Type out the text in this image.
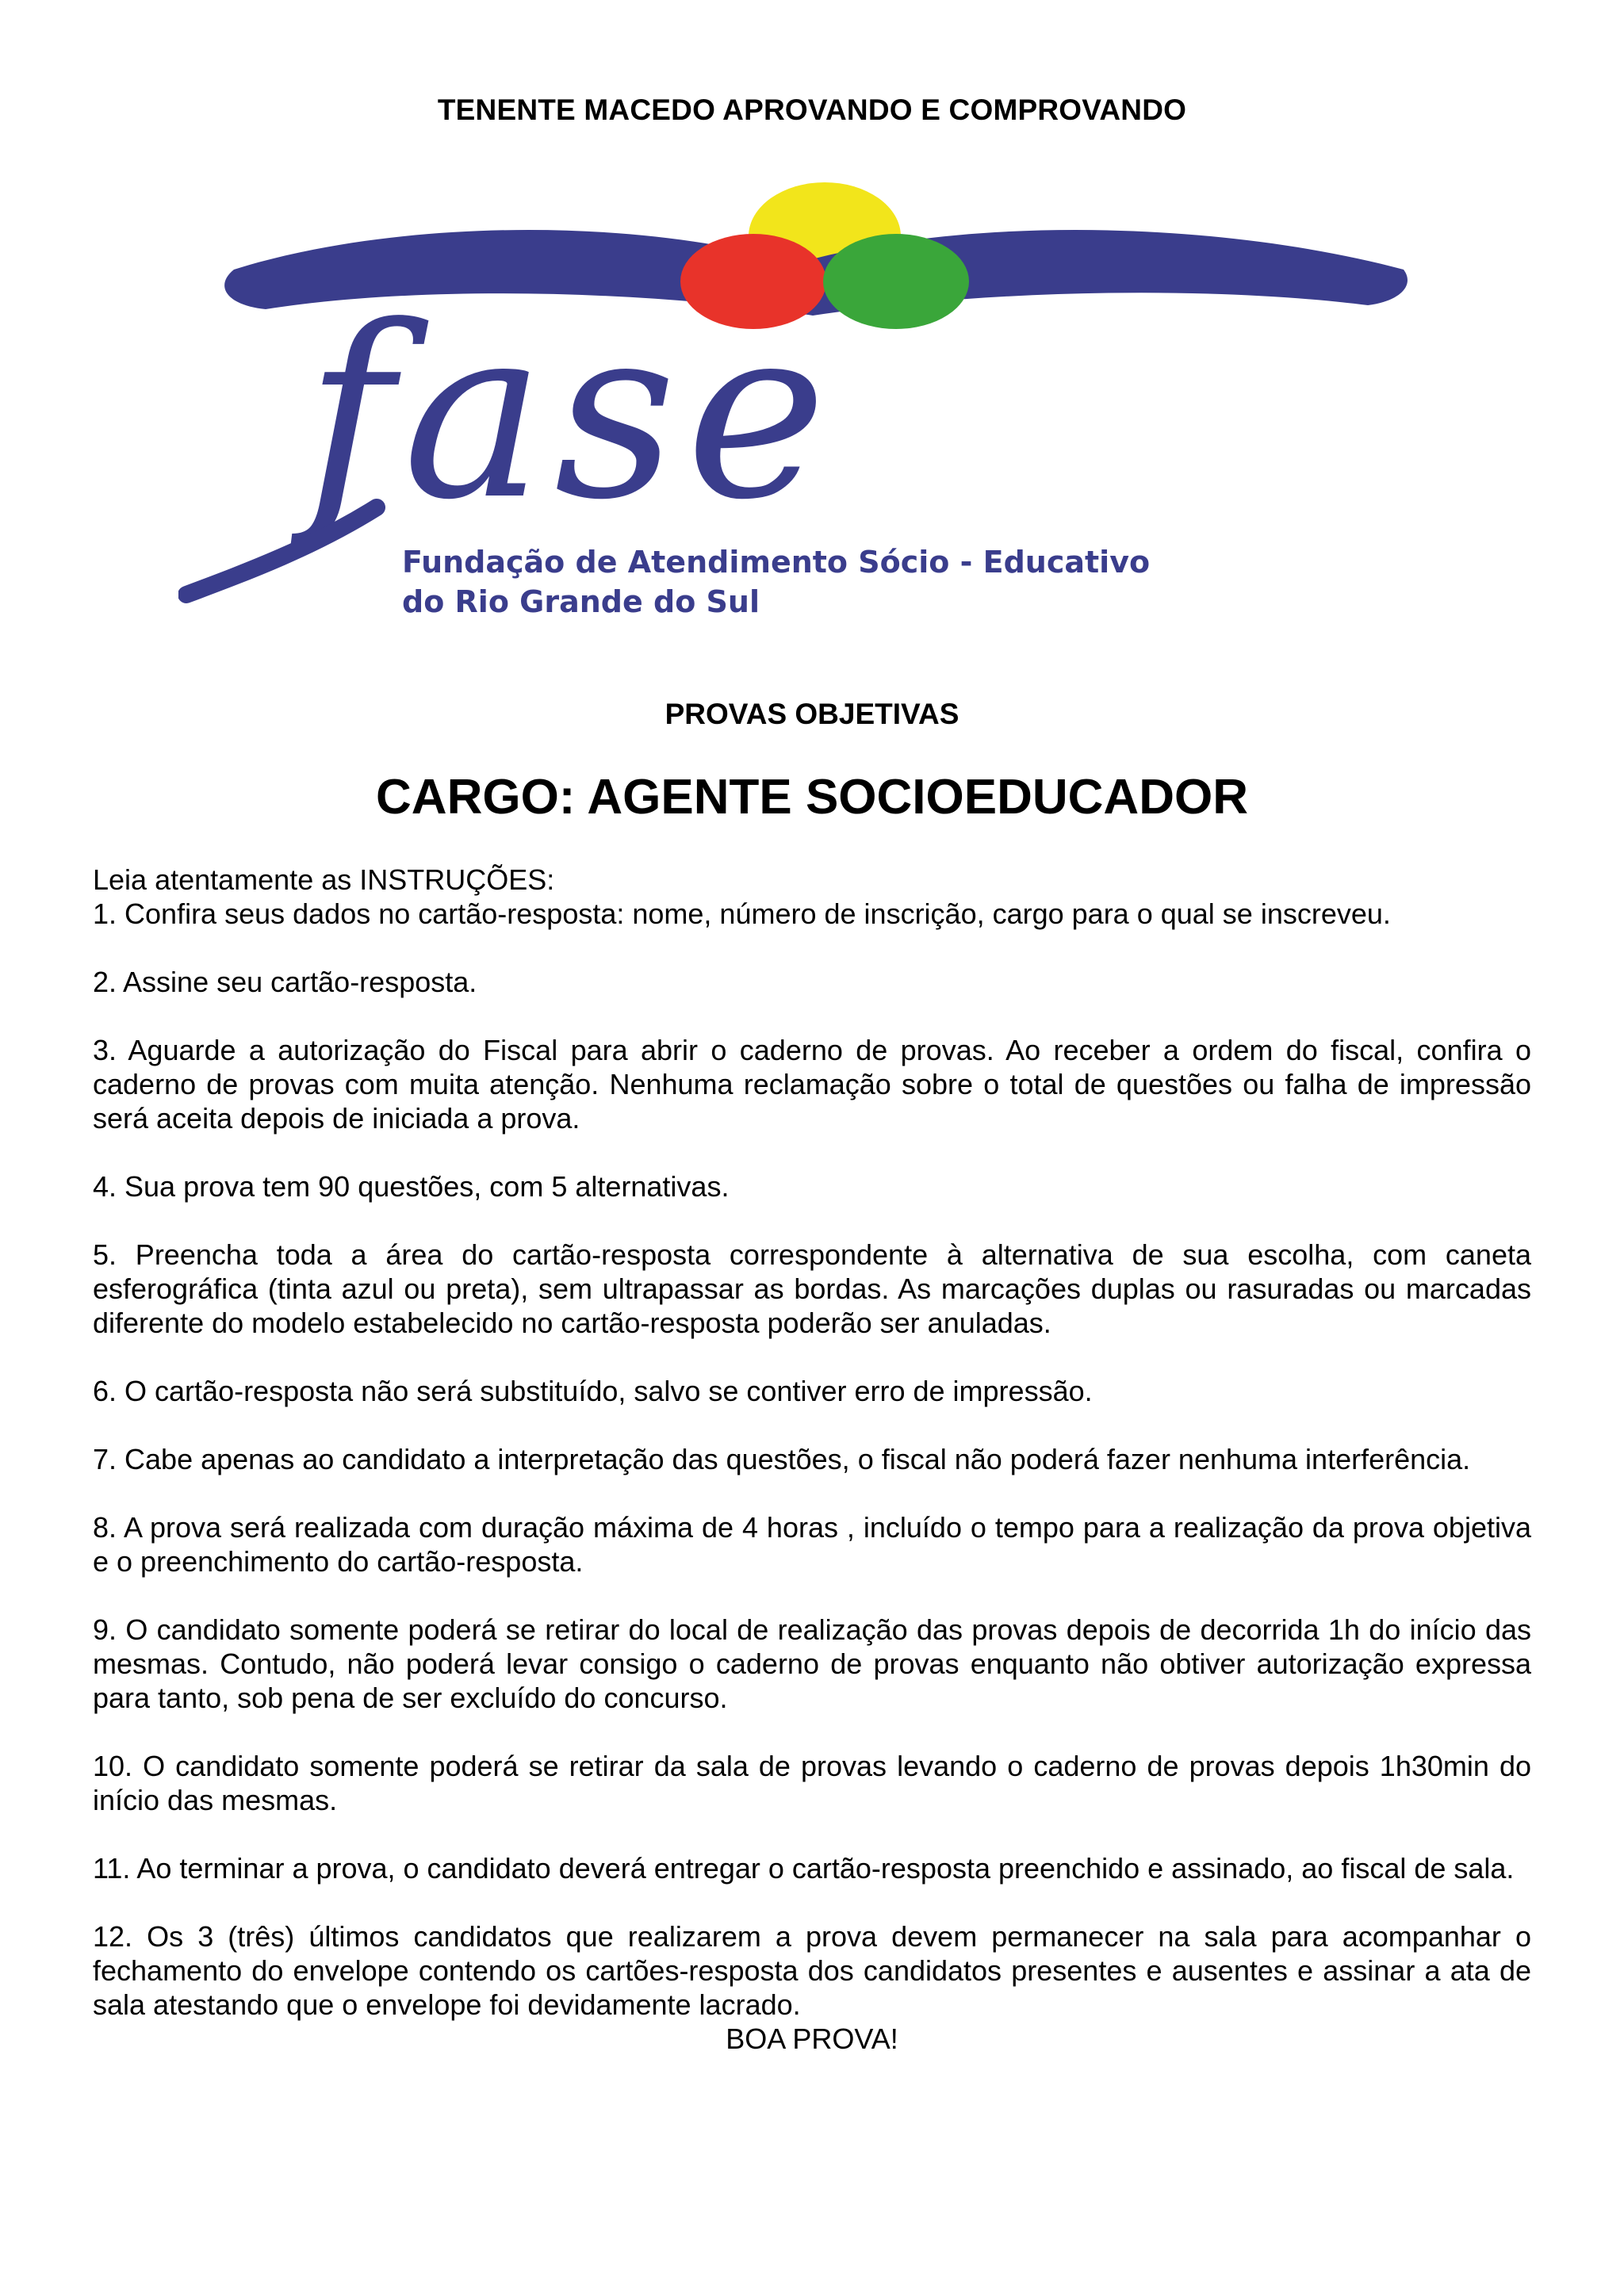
TENENTE MACEDO APROVANDO E COMPROVANDO
fase
Fundação de Atendimento Sócio - Educativo
do Rio Grande do Sul
PROVAS OBJETIVAS
CARGO: AGENTE SOCIOEDUCADOR

Leia atentamente as INSTRUÇÕES:

1. Confira seus dados no cartão-resposta: nome, número de inscrição, cargo para o qual se inscreveu.

2. Assine seu cartão-resposta.

3. Aguarde a autorização do Fiscal para abrir o caderno de provas. Ao receber a ordem do fiscal, confira o caderno de provas com muita atenção. Nenhuma reclamação sobre o total de questões ou falha de impressão será aceita depois de iniciada a prova.

4. Sua prova tem 90 questões, com 5 alternativas.

5. Preencha toda a área do cartão-resposta correspondente à alternativa de sua escolha, com caneta esferográfica (tinta azul ou preta), sem ultrapassar as bordas. As marcações duplas ou rasuradas ou marcadas diferente do modelo estabelecido no cartão-resposta poderão ser anuladas.

6. O cartão-resposta não será substituído, salvo se contiver erro de impressão.

7. Cabe apenas ao candidato a interpretação das questões, o fiscal não poderá fazer nenhuma interferência.

8. A prova será realizada com duração máxima de 4 horas , incluído o tempo para a realização da prova objetiva e o preenchimento do cartão-resposta.

9. O candidato somente poderá se retirar do local de realização das provas depois de decorrida 1h do início das mesmas. Contudo, não poderá levar consigo o caderno de provas enquanto não obtiver autorização expressa para tanto, sob pena de ser excluído do concurso.

10. O candidato somente poderá se retirar da sala de provas levando o caderno de provas depois 1h30min do início das mesmas.

11. Ao terminar a prova, o candidato deverá entregar o cartão-resposta preenchido e assinado, ao fiscal de sala.

12. Os 3 (três) últimos candidatos que realizarem a prova devem permanecer na sala para acompanhar o fechamento do envelope contendo os cartões-resposta dos candidatos presentes e ausentes e assinar a ata de sala atestando que o envelope foi devidamente lacrado.

BOA PROVA!
